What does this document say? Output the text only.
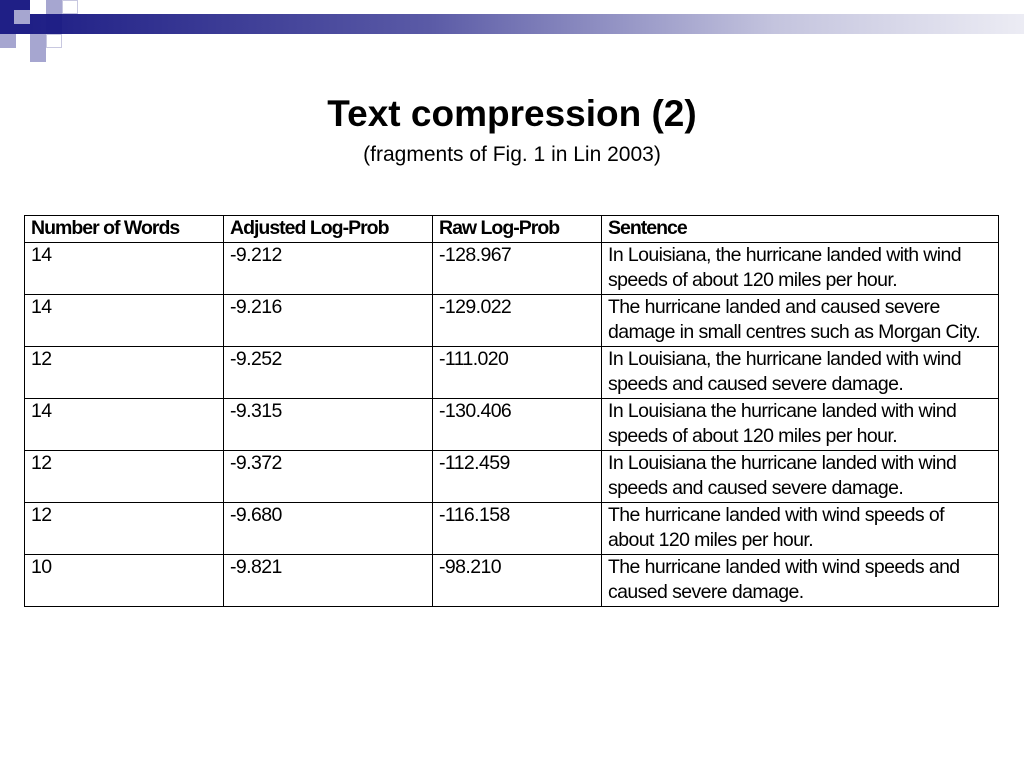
Text compression (2)
(fragments of Fig. 1 in Lin 2003)
Number of Words	Adjusted Log-Prob	Raw Log-Prob	Sentence
14	-9.212	-128.967	In Louisiana, the hurricane landed with wind speeds of about 120 miles per hour.
14	-9.216	-129.022	The hurricane landed and caused severe damage in small centres such as Morgan City.
12	-9.252	-111.020	In Louisiana, the hurricane landed with wind speeds and caused severe damage.
14	-9.315	-130.406	In Louisiana the hurricane landed with wind speeds of about 120 miles per hour.
12	-9.372	-112.459	In Louisiana the hurricane landed with wind speeds and caused severe damage.
12	-9.680	-116.158	The hurricane landed with wind speeds of about 120 miles per hour.
10	-9.821	-98.210	The hurricane landed with wind speeds and caused severe damage.
